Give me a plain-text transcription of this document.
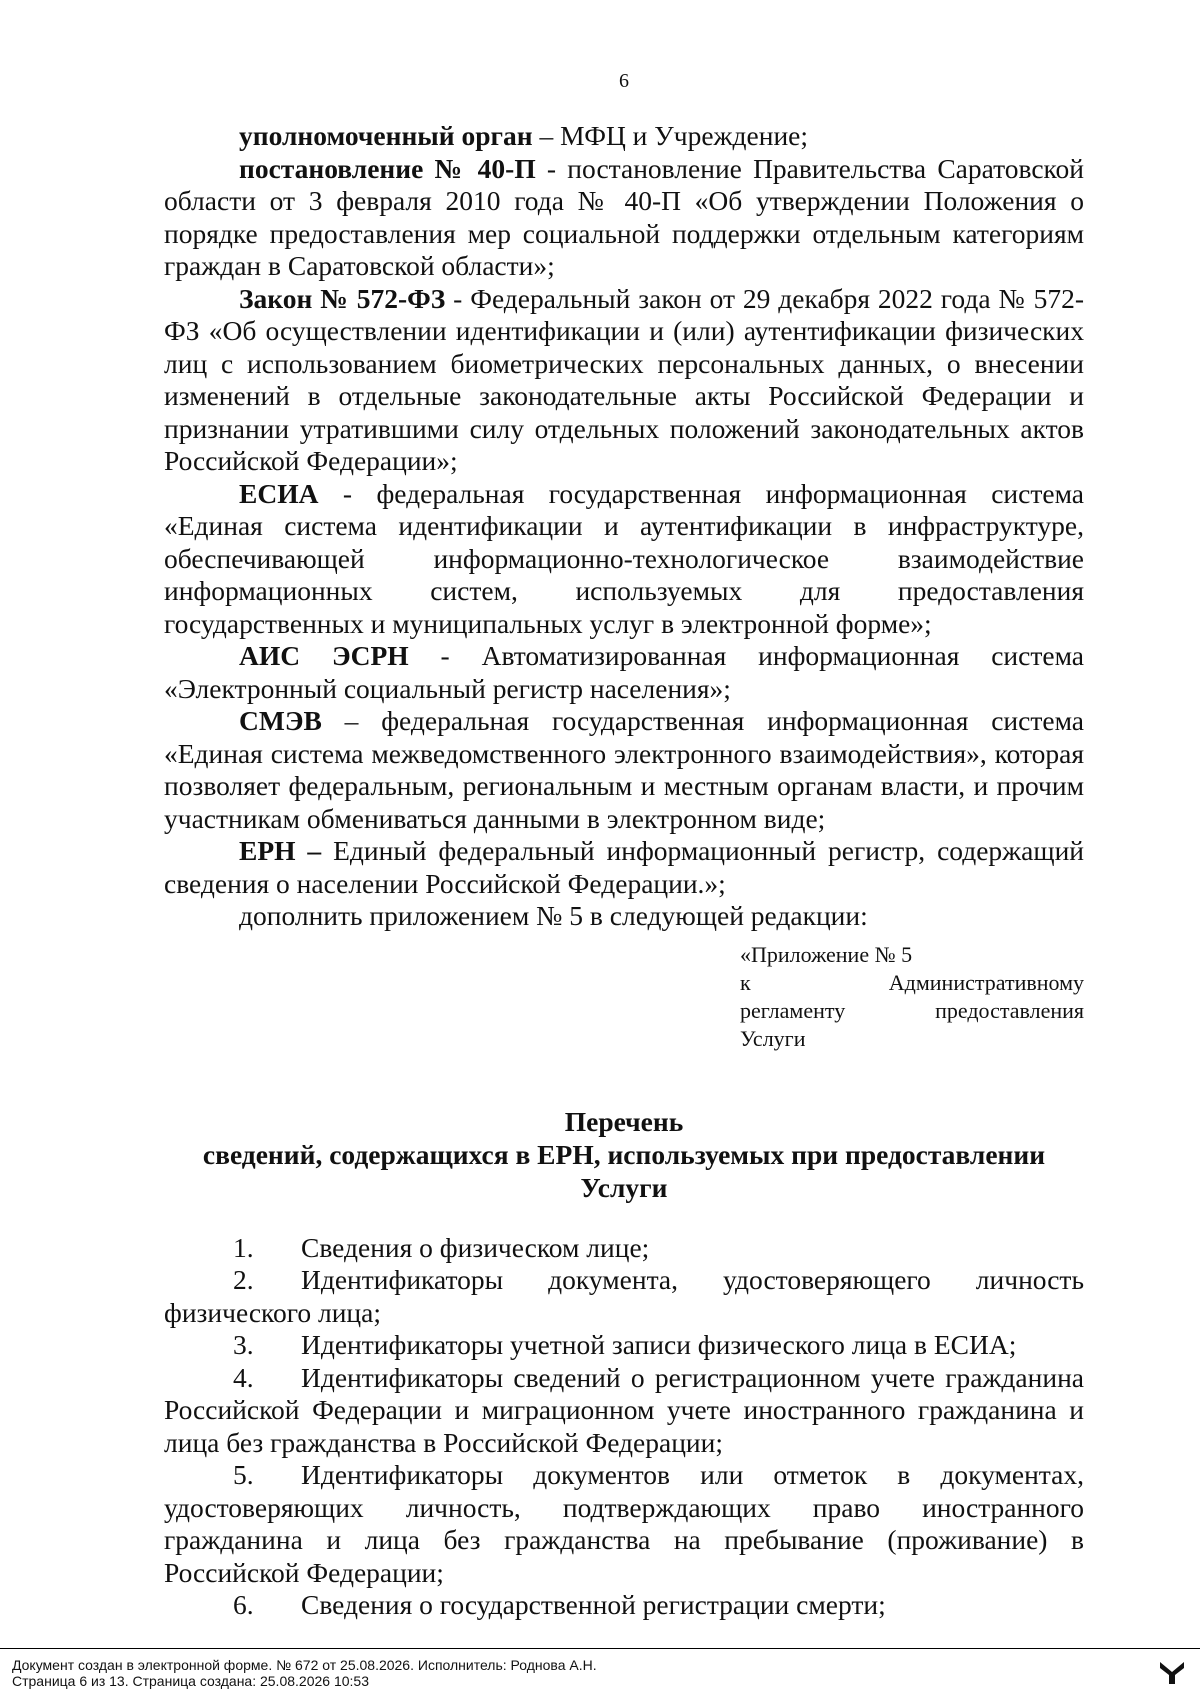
6

уполномоченный орган – МФЦ и Учреждение;

постановление № 40-П - постановление Правительства Саратовской области от 3 февраля 2010 года № 40-П «Об утверждении Положения о порядке предоставления мер социальной поддержки отдельным категориям граждан в Саратовской области»;

Закон № 572-ФЗ - Федеральный закон от 29 декабря 2022 года № 572-ФЗ «Об осуществлении идентификации и (или) аутентификации физических лиц с использованием биометрических персональных данных, о внесении изменений в отдельные законодательные акты Российской Федерации и признании утратившими силу отдельных положений законодательных актов Российской Федерации»;

ЕСИА - федеральная государственная информационная система «Единая система идентификации и аутентификации в инфраструктуре, обеспечивающей информационно-технологическое взаимодействие информационных систем, используемых для предоставления государственных и муниципальных услуг в электронной форме»;

АИС ЭСРН - Автоматизированная информационная система «Электронный социальный регистр населения»;

СМЭВ – федеральная государственная информационная система «Единая система межведомственного электронного взаимодействия», которая позволяет федеральным, региональным и местным органам власти, и прочим участникам обмениваться данными в электронном виде;

ЕРН – Единый федеральный информационный регистр, содержащий сведения о населении Российской Федерации.»;

дополнить приложением № 5 в следующей редакции:

«Приложение № 5
к Административному
регламенту предоставления
Услуги
Перечень
сведений, содержащихся в ЕРН, используемых при предоставлении
Услуги

1. Сведения о физическом лице;

2. Идентификаторы документа, удостоверяющего личность физического лица;

3. Идентификаторы учетной записи физического лица в ЕСИА;

4. Идентификаторы сведений о регистрационном учете гражданина Российской Федерации и миграционном учете иностранного гражданина и лица без гражданства в Российской Федерации;

5. Идентификаторы документов или отметок в документах, удостоверяющих личность, подтверждающих право иностранного гражданина и лица без гражданства на пребывание (проживание) в Российской Федерации;

6. Сведения о государственной регистрации смерти;

Документ создан в электронной форме. № 672 от 25.08.2026. Исполнитель: Роднова А.Н.
Страница 6 из 13. Страница создана: 25.08.2026 10:53
